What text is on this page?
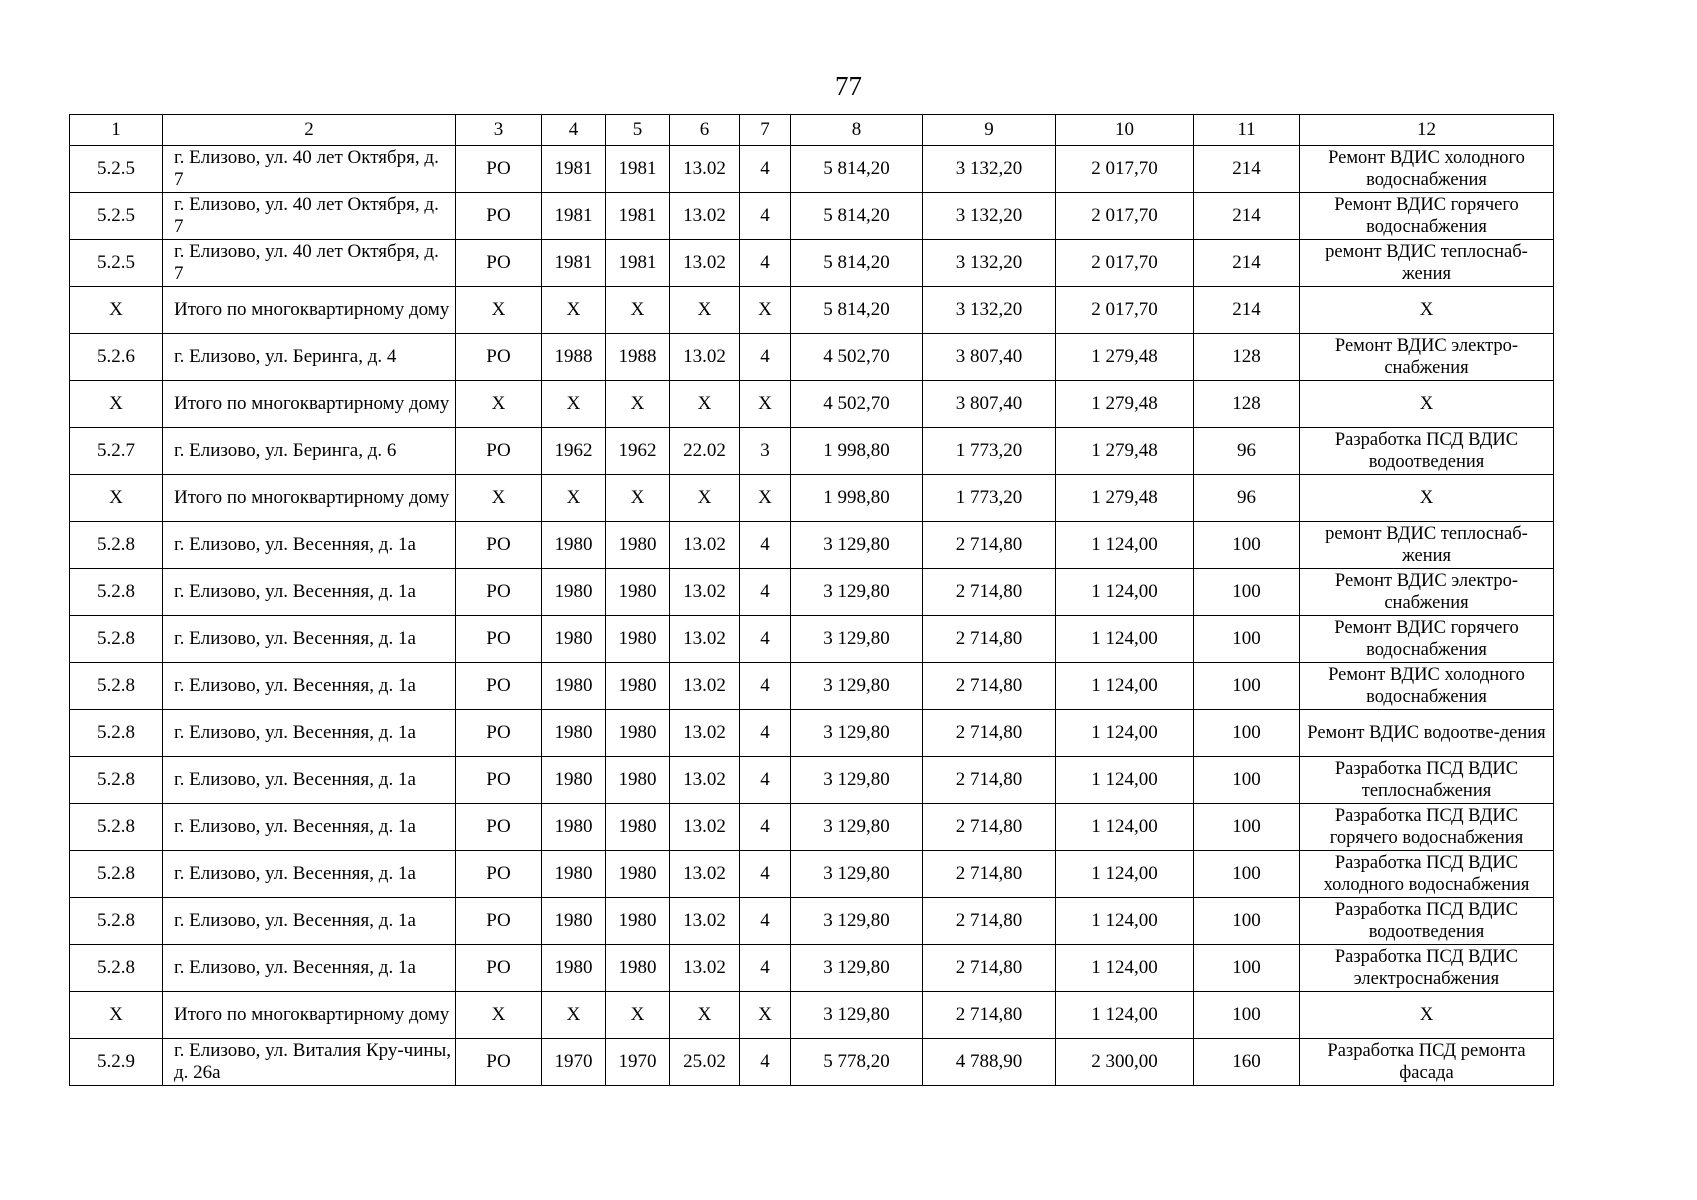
77
1	2	3	4	5	6	7	8	9	10	11	12
5.2.5	г. Елизово, ул. 40 лет Октября, д. 7	РО	1981	1981	13.02	4	5 814,20	3 132,20	2 017,70	214	Ремонт ВДИС холодного водоснабжения
5.2.5	г. Елизово, ул. 40 лет Октября, д. 7	РО	1981	1981	13.02	4	5 814,20	3 132,20	2 017,70	214	Ремонт ВДИС горячего водоснабжения
5.2.5	г. Елизово, ул. 40 лет Октября, д. 7	РО	1981	1981	13.02	4	5 814,20	3 132,20	2 017,70	214	ремонт ВДИС теплоснаб-жения
Х	Итого по многоквартирному дому	Х	Х	Х	Х	Х	5 814,20	3 132,20	2 017,70	214	Х
5.2.6	г. Елизово, ул. Беринга, д. 4	РО	1988	1988	13.02	4	4 502,70	3 807,40	1 279,48	128	Ремонт ВДИС электро-снабжения
Х	Итого по многоквартирному дому	Х	Х	Х	Х	Х	4 502,70	3 807,40	1 279,48	128	Х
5.2.7	г. Елизово, ул. Беринга, д. 6	РО	1962	1962	22.02	3	1 998,80	1 773,20	1 279,48	96	Разработка ПСД ВДИС водоотведения
Х	Итого по многоквартирному дому	Х	Х	Х	Х	Х	1 998,80	1 773,20	1 279,48	96	Х
5.2.8	г. Елизово, ул. Весенняя, д. 1а	РО	1980	1980	13.02	4	3 129,80	2 714,80	1 124,00	100	ремонт ВДИС теплоснаб-жения
5.2.8	г. Елизово, ул. Весенняя, д. 1а	РО	1980	1980	13.02	4	3 129,80	2 714,80	1 124,00	100	Ремонт ВДИС электро-снабжения
5.2.8	г. Елизово, ул. Весенняя, д. 1а	РО	1980	1980	13.02	4	3 129,80	2 714,80	1 124,00	100	Ремонт ВДИС горячего водоснабжения
5.2.8	г. Елизово, ул. Весенняя, д. 1а	РО	1980	1980	13.02	4	3 129,80	2 714,80	1 124,00	100	Ремонт ВДИС холодного водоснабжения
5.2.8	г. Елизово, ул. Весенняя, д. 1а	РО	1980	1980	13.02	4	3 129,80	2 714,80	1 124,00	100	Ремонт ВДИС водоотве-дения
5.2.8	г. Елизово, ул. Весенняя, д. 1а	РО	1980	1980	13.02	4	3 129,80	2 714,80	1 124,00	100	Разработка ПСД ВДИС теплоснабжения
5.2.8	г. Елизово, ул. Весенняя, д. 1а	РО	1980	1980	13.02	4	3 129,80	2 714,80	1 124,00	100	Разработка ПСД ВДИС горячего водоснабжения
5.2.8	г. Елизово, ул. Весенняя, д. 1а	РО	1980	1980	13.02	4	3 129,80	2 714,80	1 124,00	100	Разработка ПСД ВДИС холодного водоснабжения
5.2.8	г. Елизово, ул. Весенняя, д. 1а	РО	1980	1980	13.02	4	3 129,80	2 714,80	1 124,00	100	Разработка ПСД ВДИС водоотведения
5.2.8	г. Елизово, ул. Весенняя, д. 1а	РО	1980	1980	13.02	4	3 129,80	2 714,80	1 124,00	100	Разработка ПСД ВДИС электроснабжения
Х	Итого по многоквартирному дому	Х	Х	Х	Х	Х	3 129,80	2 714,80	1 124,00	100	Х
5.2.9	г. Елизово, ул. Виталия Кру-чины, д. 26а	РО	1970	1970	25.02	4	5 778,20	4 788,90	2 300,00	160	Разработка ПСД ремонта фасада
